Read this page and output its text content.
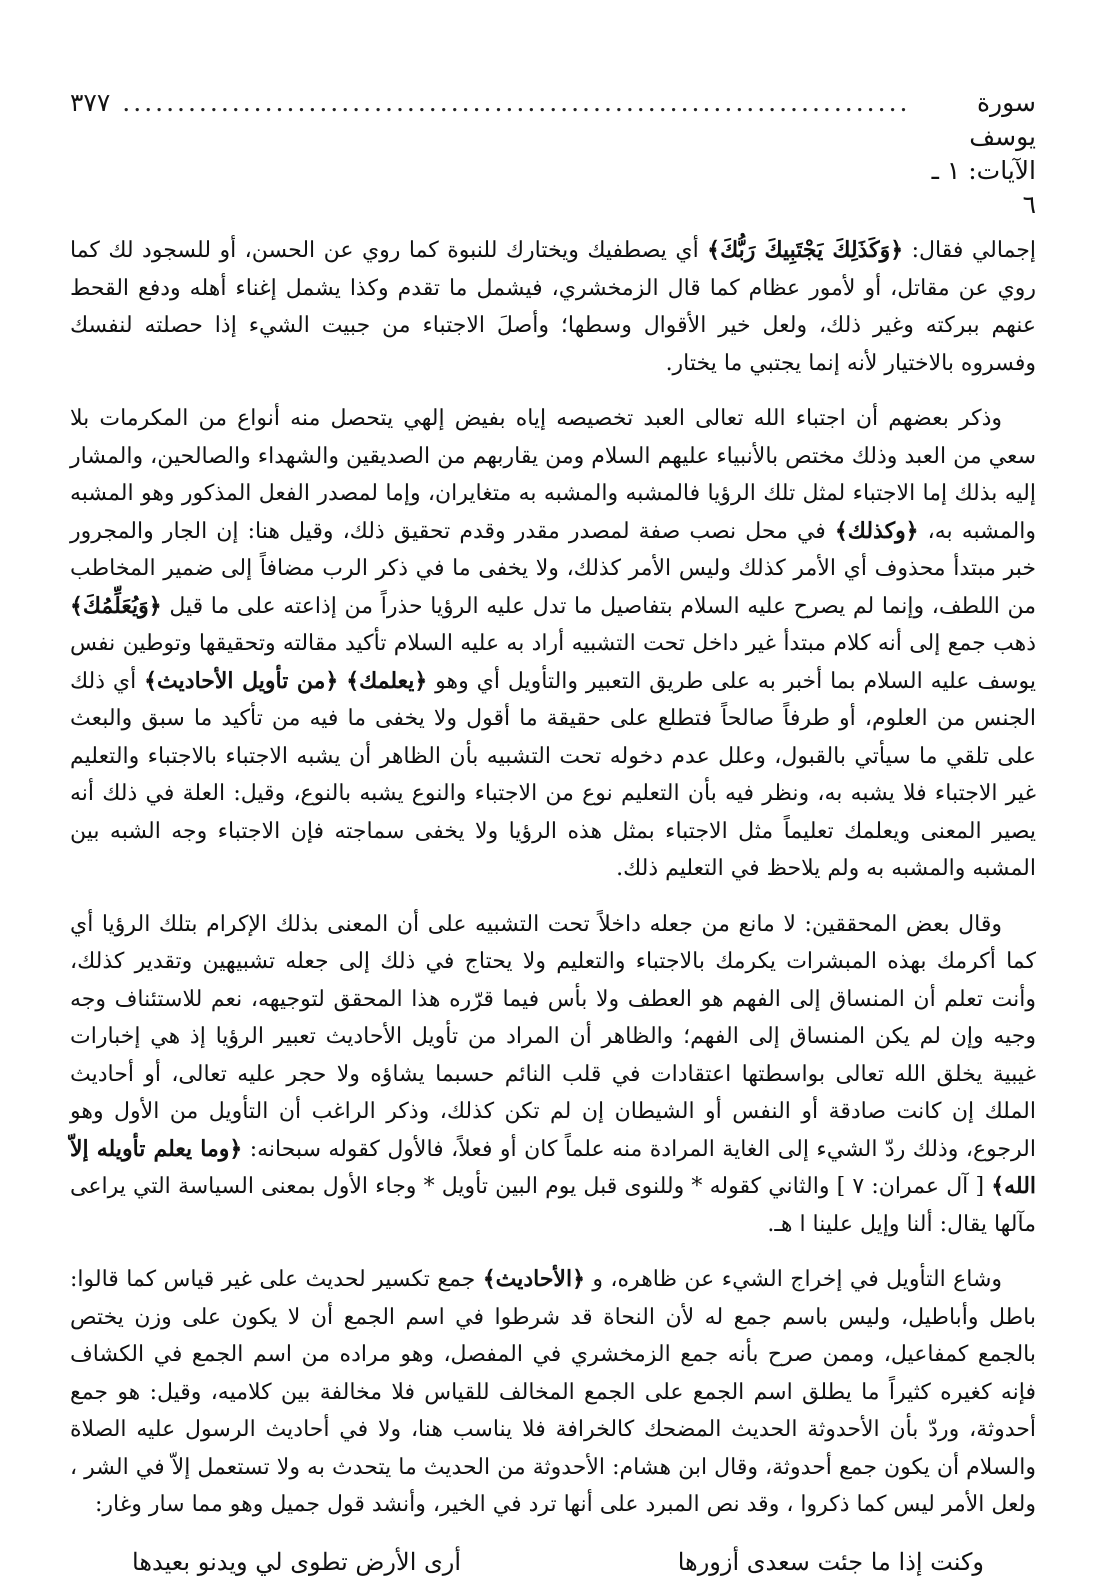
سورة يوسف الآيات: ١ ـ ٦
........................................................................
٣٧٧

إجمالي فقال: ﴿وَكَذَلِكَ يَجْتَبِيكَ رَبُّكَ﴾ أي يصطفيك ويختارك للنبوة كما روي عن الحسن، أو للسجود لك كما روي عن مقاتل، أو لأمور عظام كما قال الزمخشري، فيشمل ما تقدم وكذا يشمل إغناء أهله ودفع القحط عنهم ببركته وغير ذلك، ولعل خير الأقوال وسطها؛ وأصلَ الاجتباء من جبيت الشيء إذا حصلته لنفسك وفسروه بالاختيار لأنه إنما يجتبي ما يختار.

وذكر بعضهم أن اجتباء الله تعالى العبد تخصيصه إياه بفيض إلهي يتحصل منه أنواع من المكرمات بلا سعي من العبد وذلك مختص بالأنبياء عليهم السلام ومن يقاربهم من الصديقين والشهداء والصالحين، والمشار إليه بذلك إما الاجتباء لمثل تلك الرؤيا فالمشبه والمشبه به متغايران، وإما لمصدر الفعل المذكور وهو المشبه والمشبه به، ﴿وكذلك﴾ في محل نصب صفة لمصدر مقدر وقدم تحقيق ذلك، وقيل هنا: إن الجار والمجرور خبر مبتدأ محذوف أي الأمر كذلك وليس الأمر كذلك، ولا يخفى ما في ذكر الرب مضافاً إلى ضمير المخاطب من اللطف، وإنما لم يصرح عليه السلام بتفاصيل ما تدل عليه الرؤيا حذراً من إذاعته على ما قيل ﴿وَيُعَلِّمُكَ﴾ ذهب جمع إلى أنه كلام مبتدأ غير داخل تحت التشبيه أراد به عليه السلام تأكيد مقالته وتحقيقها وتوطين نفس يوسف عليه السلام بما أخبر به على طريق التعبير والتأويل أي وهو ﴿يعلمك﴾ ﴿من تأويل الأحاديث﴾ أي ذلك الجنس من العلوم، أو طرفاً صالحاً فتطلع على حقيقة ما أقول ولا يخفى ما فيه من تأكيد ما سبق والبعث على تلقي ما سيأتي بالقبول، وعلل عدم دخوله تحت التشبيه بأن الظاهر أن يشبه الاجتباء بالاجتباء والتعليم غير الاجتباء فلا يشبه به، ونظر فيه بأن التعليم نوع من الاجتباء والنوع يشبه بالنوع، وقيل: العلة في ذلك أنه يصير المعنى ويعلمك تعليماً مثل الاجتباء بمثل هذه الرؤيا ولا يخفى سماجته فإن الاجتباء وجه الشبه بين المشبه والمشبه به ولم يلاحظ في التعليم ذلك.

وقال بعض المحققين: لا مانع من جعله داخلاً تحت التشبيه على أن المعنى بذلك الإكرام بتلك الرؤيا أي كما أكرمك بهذه المبشرات يكرمك بالاجتباء والتعليم ولا يحتاج في ذلك إلى جعله تشبيهين وتقدير كذلك، وأنت تعلم أن المنساق إلى الفهم هو العطف ولا بأس فيما قرّره هذا المحقق لتوجيهه، نعم للاستئناف وجه وجيه وإن لم يكن المنساق إلى الفهم؛ والظاهر أن المراد من تأويل الأحاديث تعبير الرؤيا إذ هي إخبارات غيبية يخلق الله تعالى بواسطتها اعتقادات في قلب النائم حسبما يشاؤه ولا حجر عليه تعالى، أو أحاديث الملك إن كانت صادقة أو النفس أو الشيطان إن لم تكن كذلك، وذكر الراغب أن التأويل من الأول وهو الرجوع، وذلك ردّ الشيء إلى الغاية المرادة منه علماً كان أو فعلاً، فالأول كقوله سبحانه: ﴿وما يعلم تأويله إلاّ الله﴾ [ آل عمران: ٧ ] والثاني كقوله * وللنوى قبل يوم البين تأويل * وجاء الأول بمعنى السياسة التي يراعى مآلها يقال: ألنا وإيل علينا ا هـ.

وشاع التأويل في إخراج الشيء عن ظاهره، و ﴿الأحاديث﴾ جمع تكسير لحديث على غير قياس كما قالوا: باطل وأباطيل، وليس باسم جمع له لأن النحاة قد شرطوا في اسم الجمع أن لا يكون على وزن يختص بالجمع كمفاعيل، وممن صرح بأنه جمع الزمخشري في المفصل، وهو مراده من اسم الجمع في الكشاف فإنه كغيره كثيراً ما يطلق اسم الجمع على الجمع المخالف للقياس فلا مخالفة بين كلاميه، وقيل: هو جمع أحدوثة، وردّ بأن الأحدوثة الحديث المضحك كالخرافة فلا يناسب هنا، ولا في أحاديث الرسول عليه الصلاة والسلام أن يكون جمع أحدوثة، وقال ابن هشام: الأحدوثة من الحديث ما يتحدث به ولا تستعمل إلاّ في الشر ، ولعل الأمر ليس كما ذكروا ، وقد نص المبرد على أنها ترد في الخير، وأنشد قول جميل وهو مما سار وغار:

وكنت إذا ما جئت سعدى أزورها
أرى الأرض تطوى لي ويدنو بعيدها
